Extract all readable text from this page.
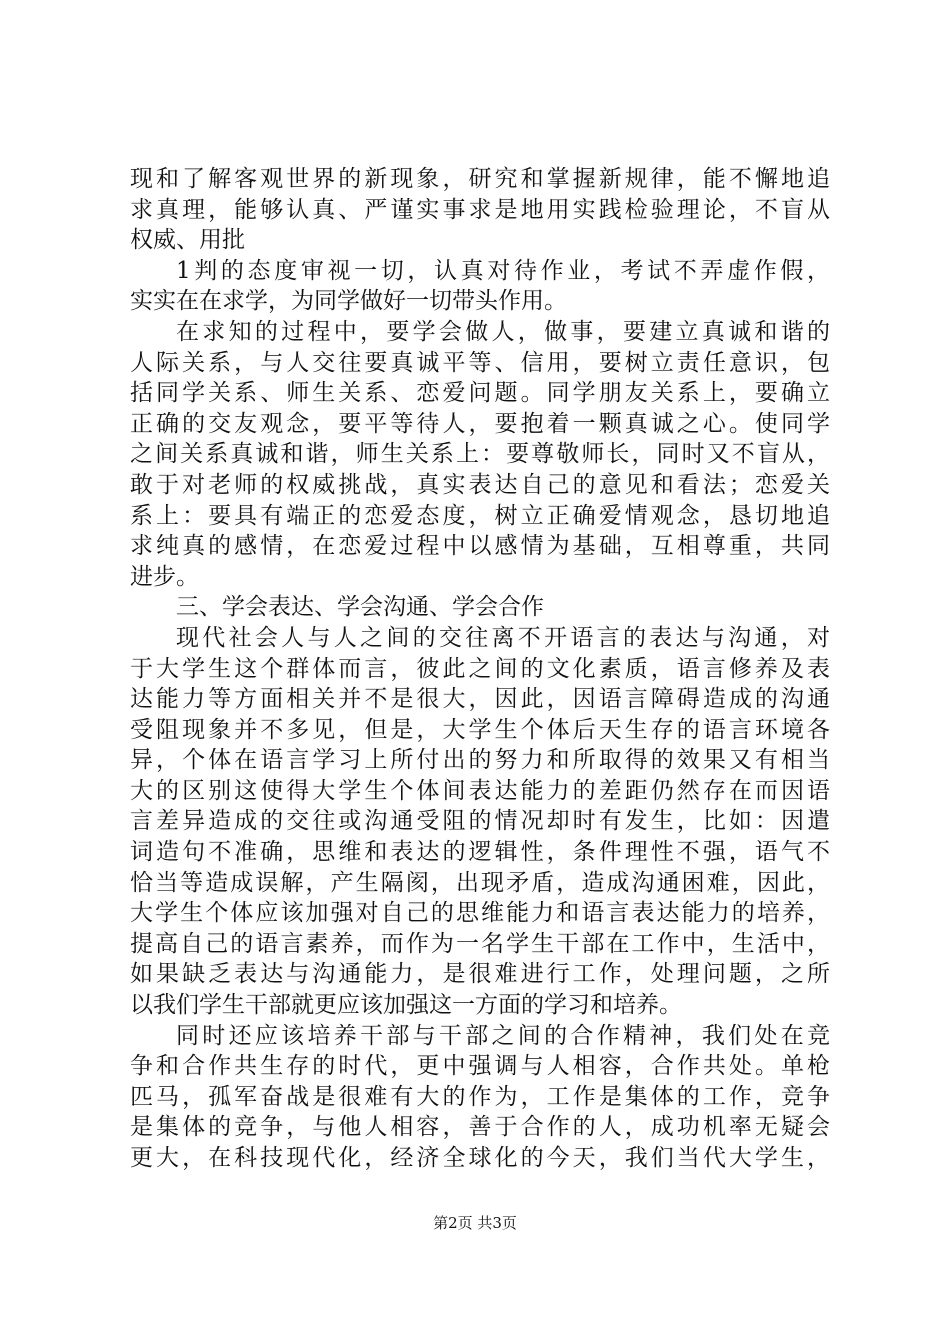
现和了解客观世界的新现象，研究和掌握新规律，能不懈地追
求真理，能够认真、严谨实事求是地用实践检验理论，不盲从
权威、用批
1判的态度审视一切，认真对待作业，考试不弄虚作假，
实实在在求学，为同学做好一切带头作用。
在求知的过程中，要学会做人，做事，要建立真诚和谐的
人际关系，与人交往要真诚平等、信用，要树立责任意识，包
括同学关系、师生关系、恋爱问题。同学朋友关系上，要确立
正确的交友观念，要平等待人，要抱着一颗真诚之心。使同学
之间关系真诚和谐，师生关系上：要尊敬师长，同时又不盲从，
敢于对老师的权威挑战，真实表达自己的意见和看法；恋爱关
系上：要具有端正的恋爱态度，树立正确爱情观念，恳切地追
求纯真的感情，在恋爱过程中以感情为基础，互相尊重，共同
进步。
三、学会表达、学会沟通、学会合作
现代社会人与人之间的交往离不开语言的表达与沟通，对
于大学生这个群体而言，彼此之间的文化素质，语言修养及表
达能力等方面相关并不是很大，因此，因语言障碍造成的沟通
受阻现象并不多见，但是，大学生个体后天生存的语言环境各
异，个体在语言学习上所付出的努力和所取得的效果又有相当
大的区别这使得大学生个体间表达能力的差距仍然存在而因语
言差异造成的交往或沟通受阻的情况却时有发生，比如：因遣
词造句不准确，思维和表达的逻辑性，条件理性不强，语气不
恰当等造成误解，产生隔阂，出现矛盾，造成沟通困难，因此，
大学生个体应该加强对自己的思维能力和语言表达能力的培养，
提高自己的语言素养，而作为一名学生干部在工作中，生活中，
如果缺乏表达与沟通能力，是很难进行工作，处理问题，之所
以我们学生干部就更应该加强这一方面的学习和培养。
同时还应该培养干部与干部之间的合作精神，我们处在竞
争和合作共生存的时代，更中强调与人相容，合作共处。单枪
匹马，孤军奋战是很难有大的作为，工作是集体的工作，竞争
是集体的竞争，与他人相容，善于合作的人，成功机率无疑会
更大，在科技现代化，经济全球化的今天，我们当代大学生，
第2页 共3页
